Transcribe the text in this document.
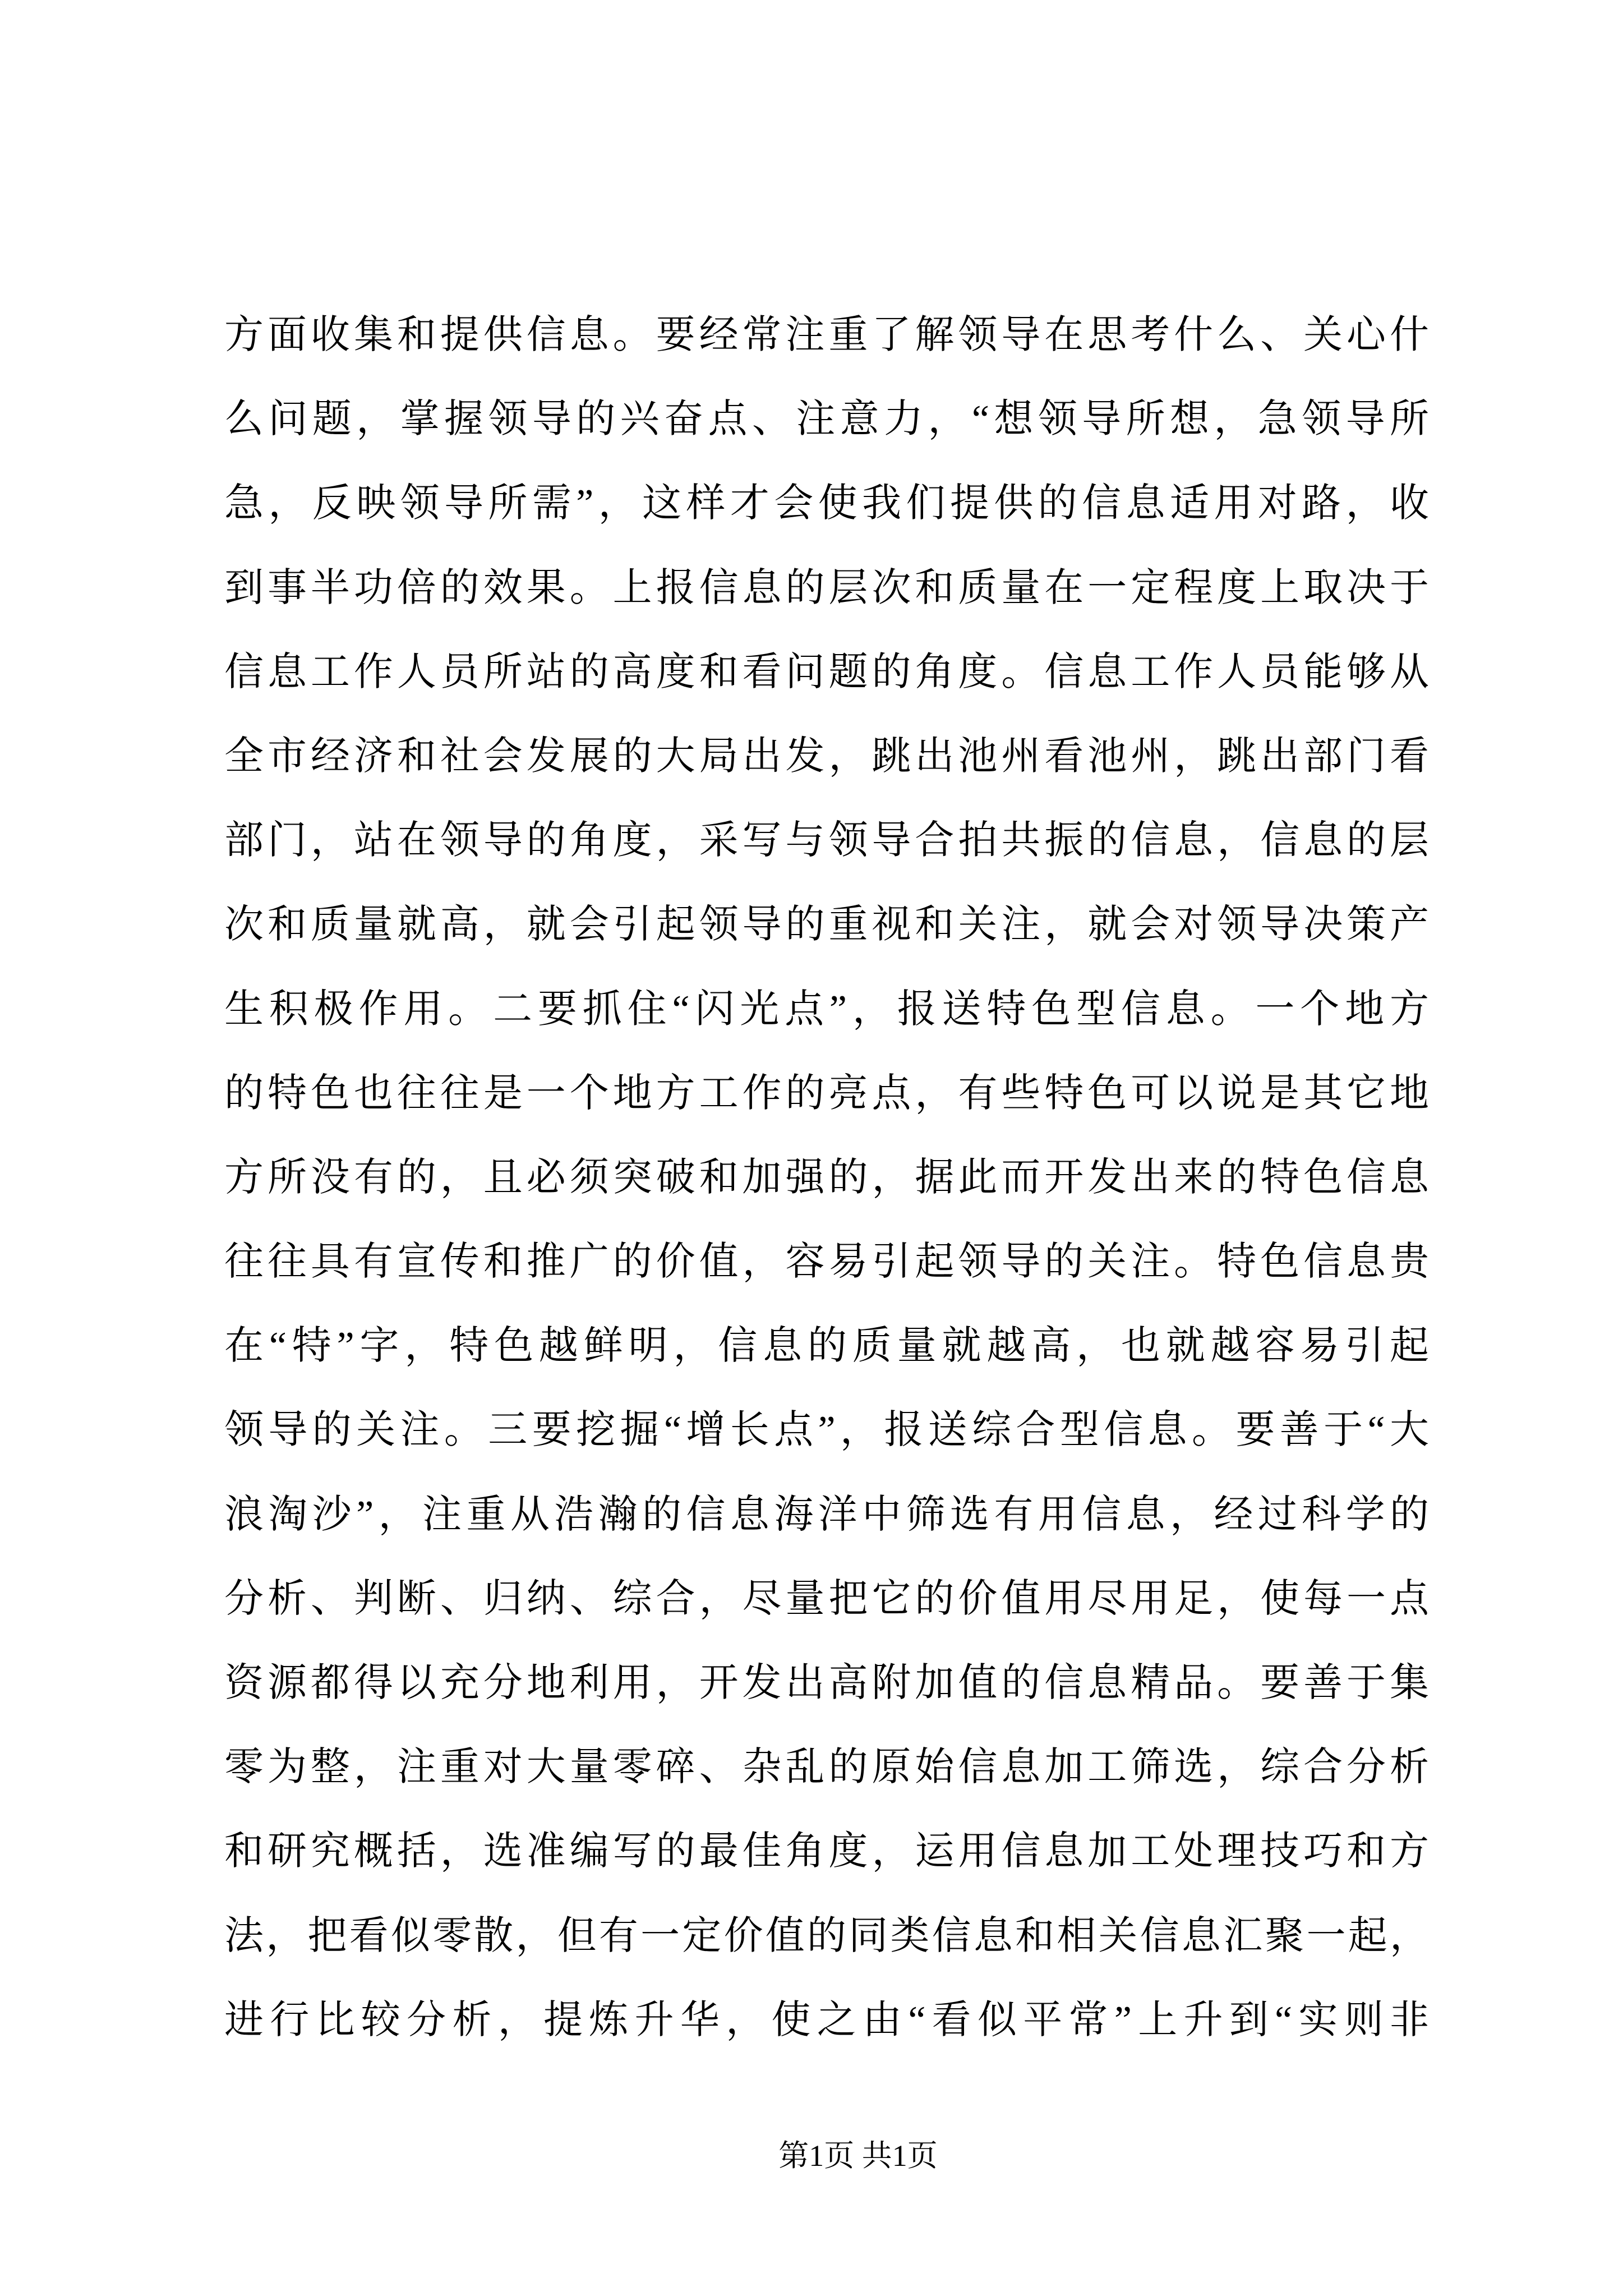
方面收集和提供信息。要经常注重了解领导在思考什么、关心什
么问题，掌握领导的兴奋点、注意力，“想领导所想，急领导所
急，反映领导所需”，这样才会使我们提供的信息适用对路，收
到事半功倍的效果。上报信息的层次和质量在一定程度上取决于
信息工作人员所站的高度和看问题的角度。信息工作人员能够从
全市经济和社会发展的大局出发，跳出池州看池州，跳出部门看
部门，站在领导的角度，采写与领导合拍共振的信息，信息的层
次和质量就高，就会引起领导的重视和关注，就会对领导决策产
生积极作用。二要抓住“闪光点”，报送特色型信息。一个地方
的特色也往往是一个地方工作的亮点，有些特色可以说是其它地
方所没有的，且必须突破和加强的，据此而开发出来的特色信息
往往具有宣传和推广的价值，容易引起领导的关注。特色信息贵
在“特”字，特色越鲜明，信息的质量就越高，也就越容易引起
领导的关注。三要挖掘“增长点”，报送综合型信息。要善于“大
浪淘沙”，注重从浩瀚的信息海洋中筛选有用信息，经过科学的
分析、判断、归纳、综合，尽量把它的价值用尽用足，使每一点
资源都得以充分地利用，开发出高附加值的信息精品。要善于集
零为整，注重对大量零碎、杂乱的原始信息加工筛选，综合分析
和研究概括，选准编写的最佳角度，运用信息加工处理技巧和方
法，把看似零散，但有一定价值的同类信息和相关信息汇聚一起，
进行比较分析，提炼升华，使之由“看似平常”上升到“实则非
第1页 共1页
